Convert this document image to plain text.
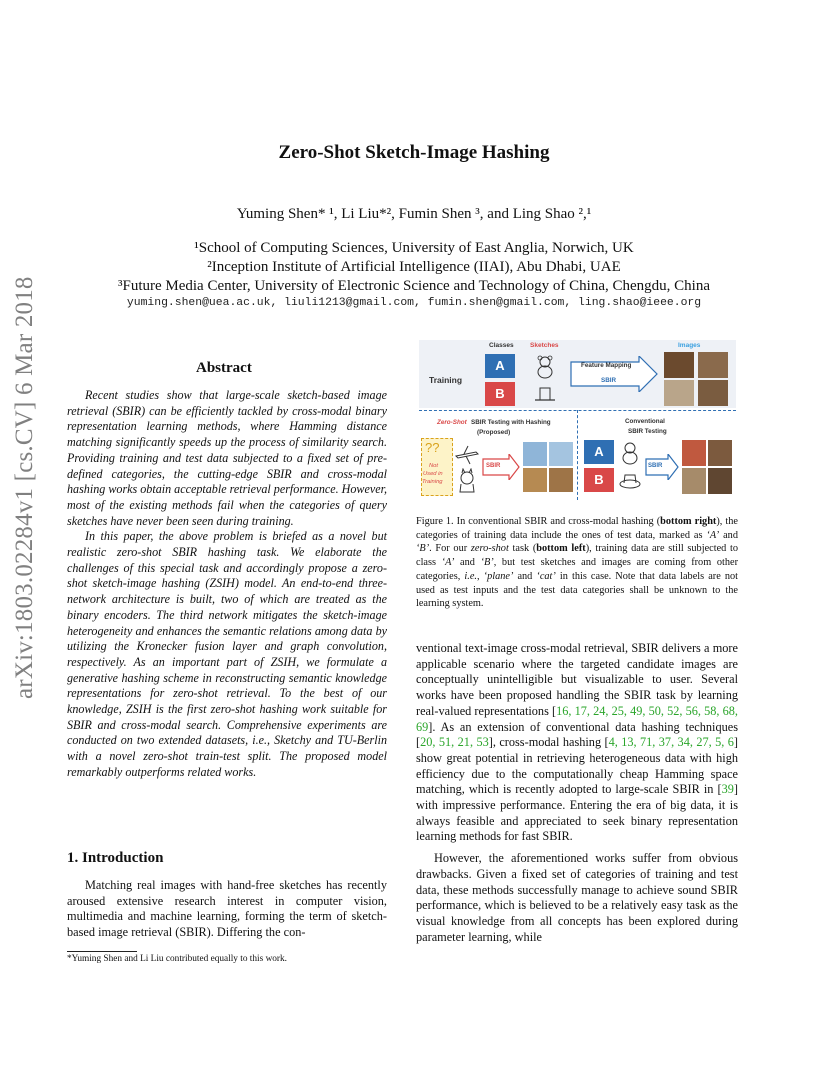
arXiv:1803.02284v1 [cs.CV] 6 Mar 2018
Zero-Shot Sketch-Image Hashing
Yuming Shen* ¹, Li Liu*², Fumin Shen ³, and Ling Shao ²,¹
¹School of Computing Sciences, University of East Anglia, Norwich, UK
²Inception Institute of Artificial Intelligence (IIAI), Abu Dhabi, UAE
³Future Media Center, University of Electronic Science and Technology of China, Chengdu, China
yuming.shen@uea.ac.uk, liuli1213@gmail.com, fumin.shen@gmail.com, ling.shao@ieee.org
Abstract

Recent studies show that large-scale sketch-based image retrieval (SBIR) can be efficiently tackled by cross-modal binary representation learning methods, where Hamming distance matching significantly speeds up the process of similarity search. Providing training and test data subjected to a fixed set of pre-defined categories, the cutting-edge SBIR and cross-modal hashing works obtain acceptable retrieval performance. However, most of the existing methods fail when the categories of query sketches have never been seen during training.

In this paper, the above problem is briefed as a novel but realistic zero-shot SBIR hashing task. We elaborate the challenges of this special task and accordingly propose a zero-shot sketch-image hashing (ZSIH) model. An end-to-end three-network architecture is built, two of which are treated as the binary encoders. The third network mitigates the sketch-image heterogeneity and enhances the semantic relations among data by utilizing the Kronecker fusion layer and graph convolution, respectively. As an important part of ZSIH, we formulate a generative hashing scheme in reconstructing semantic knowledge representations for zero-shot retrieval. To the best of our knowledge, ZSIH is the first zero-shot hashing work suitable for SBIR and cross-modal search. Comprehensive experiments are conducted on two extended datasets, i.e., Sketchy and TU-Berlin with a novel zero-shot train-test split. The proposed model remarkably outperforms related works.

1. Introduction

Matching real images with hand-free sketches has recently aroused extensive research interest in computer vision, multimedia and machine learning, forming the term of sketch-based image retrieval (SBIR). Differing the con-

*Yuming Shen and Li Liu contributed equally to this work.
Classes	Sketches	Images
Training
A
B
Feature Mapping
SBIR
Zero-Shot SBIR Testing with Hashing
(Proposed)
??
Not
Used in
Training
SBIR
Conventional
SBIR Testing
A
B
SBIR
Figure 1. In conventional SBIR and cross-modal hashing (bottom right), the categories of training data include the ones of test data, marked as ‘A’ and ‘B’. For our zero-shot task (bottom left), training data are still subjected to class ‘A’ and ‘B’, but test sketches and images are coming from other categories, i.e., ‘plane’ and ‘cat’ in this case. Note that data labels are not used as test inputs and the test data categories shall be unknown to the learning system.

ventional text-image cross-modal retrieval, SBIR delivers a more applicable scenario where the targeted candidate images are conceptually unintelligible but visualizable to user. Several works have been proposed handling the SBIR task by learning real-valued representations [16, 17, 24, 25, 49, 50, 52, 56, 58, 68, 69]. As an extension of conventional data hashing techniques [20, 51, 21, 53], cross-modal hashing [4, 13, 71, 37, 34, 27, 5, 6] show great potential in retrieving heterogeneous data with high efficiency due to the computationally cheap Hamming space matching, which is recently adopted to large-scale SBIR in [39] with impressive performance. Entering the era of big data, it is always feasible and appreciated to seek binary representation learning methods for fast SBIR.

However, the aforementioned works suffer from obvious drawbacks. Given a fixed set of categories of training and test data, these methods successfully manage to achieve sound SBIR performance, which is believed to be a relatively easy task as the visual knowledge from all concepts has been explored during parameter learning, while
